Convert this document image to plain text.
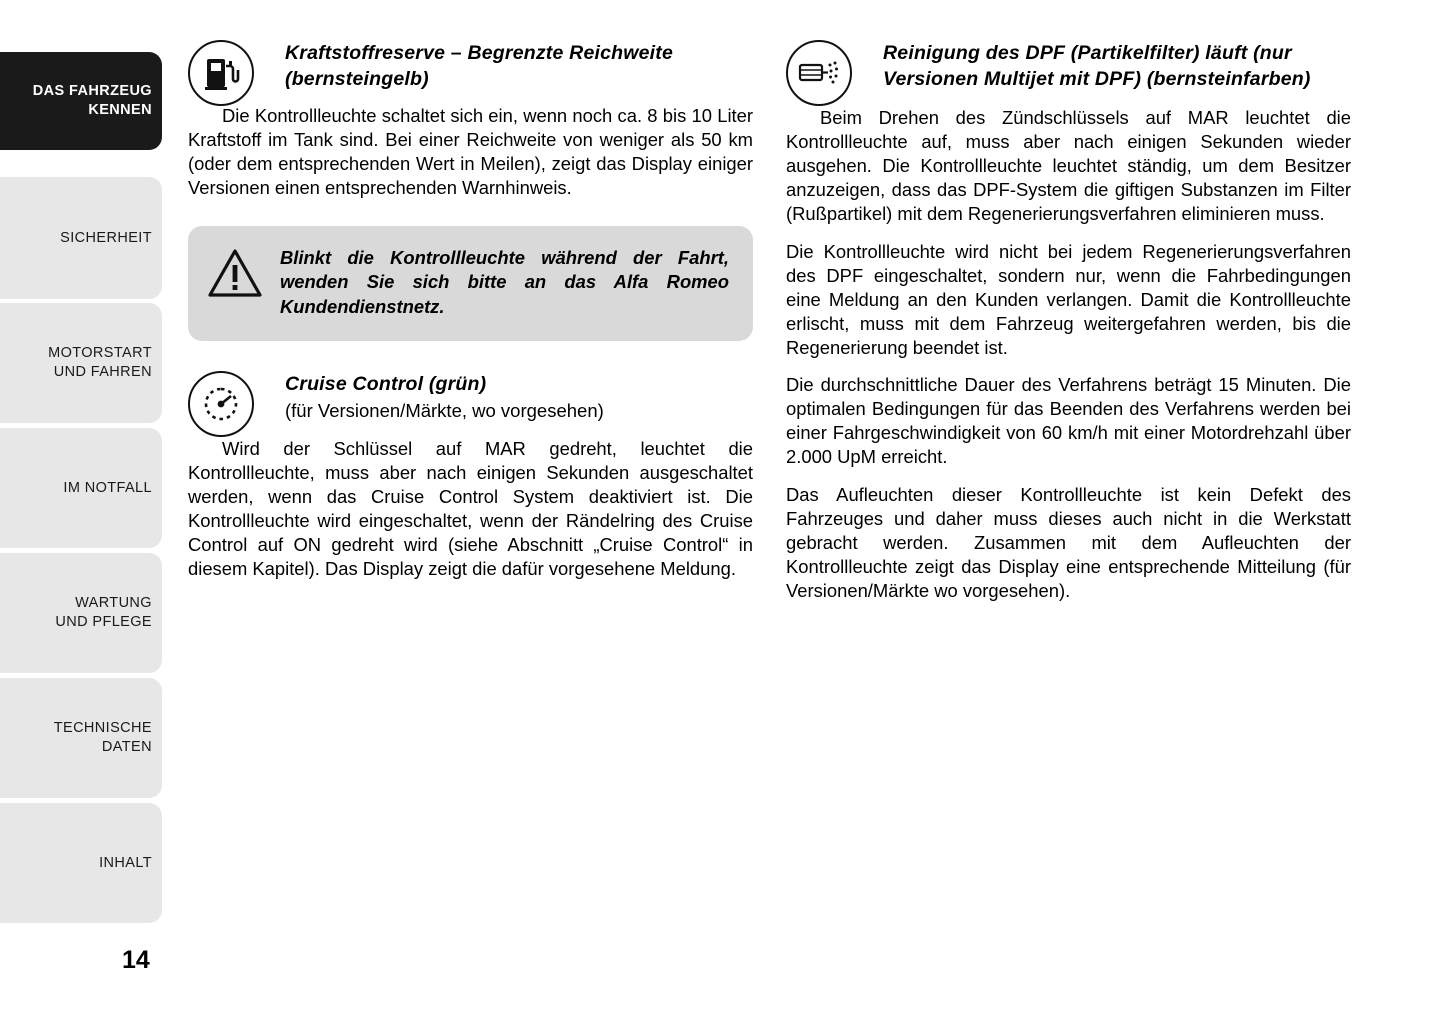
DAS FAHRZEUG
KENNEN
SICHERHEIT
MOTORSTART
UND FAHREN
IM NOTFALL
WARTUNG
UND PFLEGE
TECHNISCHE
DATEN
INHALT
14
Kraftstoffreserve – Begrenzte Reichweite (bernsteingelb)

Die Kontrollleuchte schaltet sich ein, wenn noch ca. 8 bis 10 Liter Kraftstoff im Tank sind. Bei einer Reichweite von weniger als 50 km (oder dem entsprechenden Wert in Meilen), zeigt das Display einiger Versionen einen entsprechenden Warnhinweis.

Blinkt die Kontrollleuchte während der Fahrt, wenden Sie sich bitte an das Alfa Romeo Kundendienstnetz.
Cruise Control (grün)
(für Versionen/Märkte, wo vorgesehen)

Wird der Schlüssel auf MAR gedreht, leuchtet die Kontrollleuchte, muss aber nach einigen Sekunden ausgeschaltet werden, wenn das Cruise Control System deaktiviert ist. Die Kontrollleuchte wird eingeschaltet, wenn der Rändelring des Cruise Control auf ON gedreht wird (siehe Abschnitt „Cruise Control“ in diesem Kapitel). Das Display zeigt die dafür vorgesehene Meldung.

Reinigung des DPF (Partikelfilter) läuft (nur Versionen Multijet mit DPF) (bernsteinfarben)

Beim Drehen des Zündschlüssels auf MAR leuchtet die Kontrollleuchte auf, muss aber nach einigen Sekunden wieder ausgehen. Die Kontrollleuchte leuchtet ständig, um dem Besitzer anzuzeigen, dass das DPF-System die giftigen Substanzen im Filter (Rußpartikel) mit dem Regenerierungsverfahren eliminieren muss.

Die Kontrollleuchte wird nicht bei jedem Regenerierungsverfahren des DPF eingeschaltet, sondern nur, wenn die Fahrbedingungen eine Meldung an den Kunden verlangen. Damit die Kontrollleuchte erlischt, muss mit dem Fahrzeug weitergefahren werden, bis die Regenerierung beendet ist.

Die durchschnittliche Dauer des Verfahrens beträgt 15 Minuten. Die optimalen Bedingungen für das Beenden des Verfahrens werden bei einer Fahrgeschwindigkeit von 60 km/h mit einer Motordrehzahl über 2.000 UpM erreicht.

Das Aufleuchten dieser Kontrollleuchte ist kein Defekt des Fahrzeuges und daher muss dieses auch nicht in die Werkstatt gebracht werden. Zusammen mit dem Aufleuchten der Kontrollleuchte zeigt das Display eine entsprechende Mitteilung (für Versionen/Märkte wo vorgesehen).
